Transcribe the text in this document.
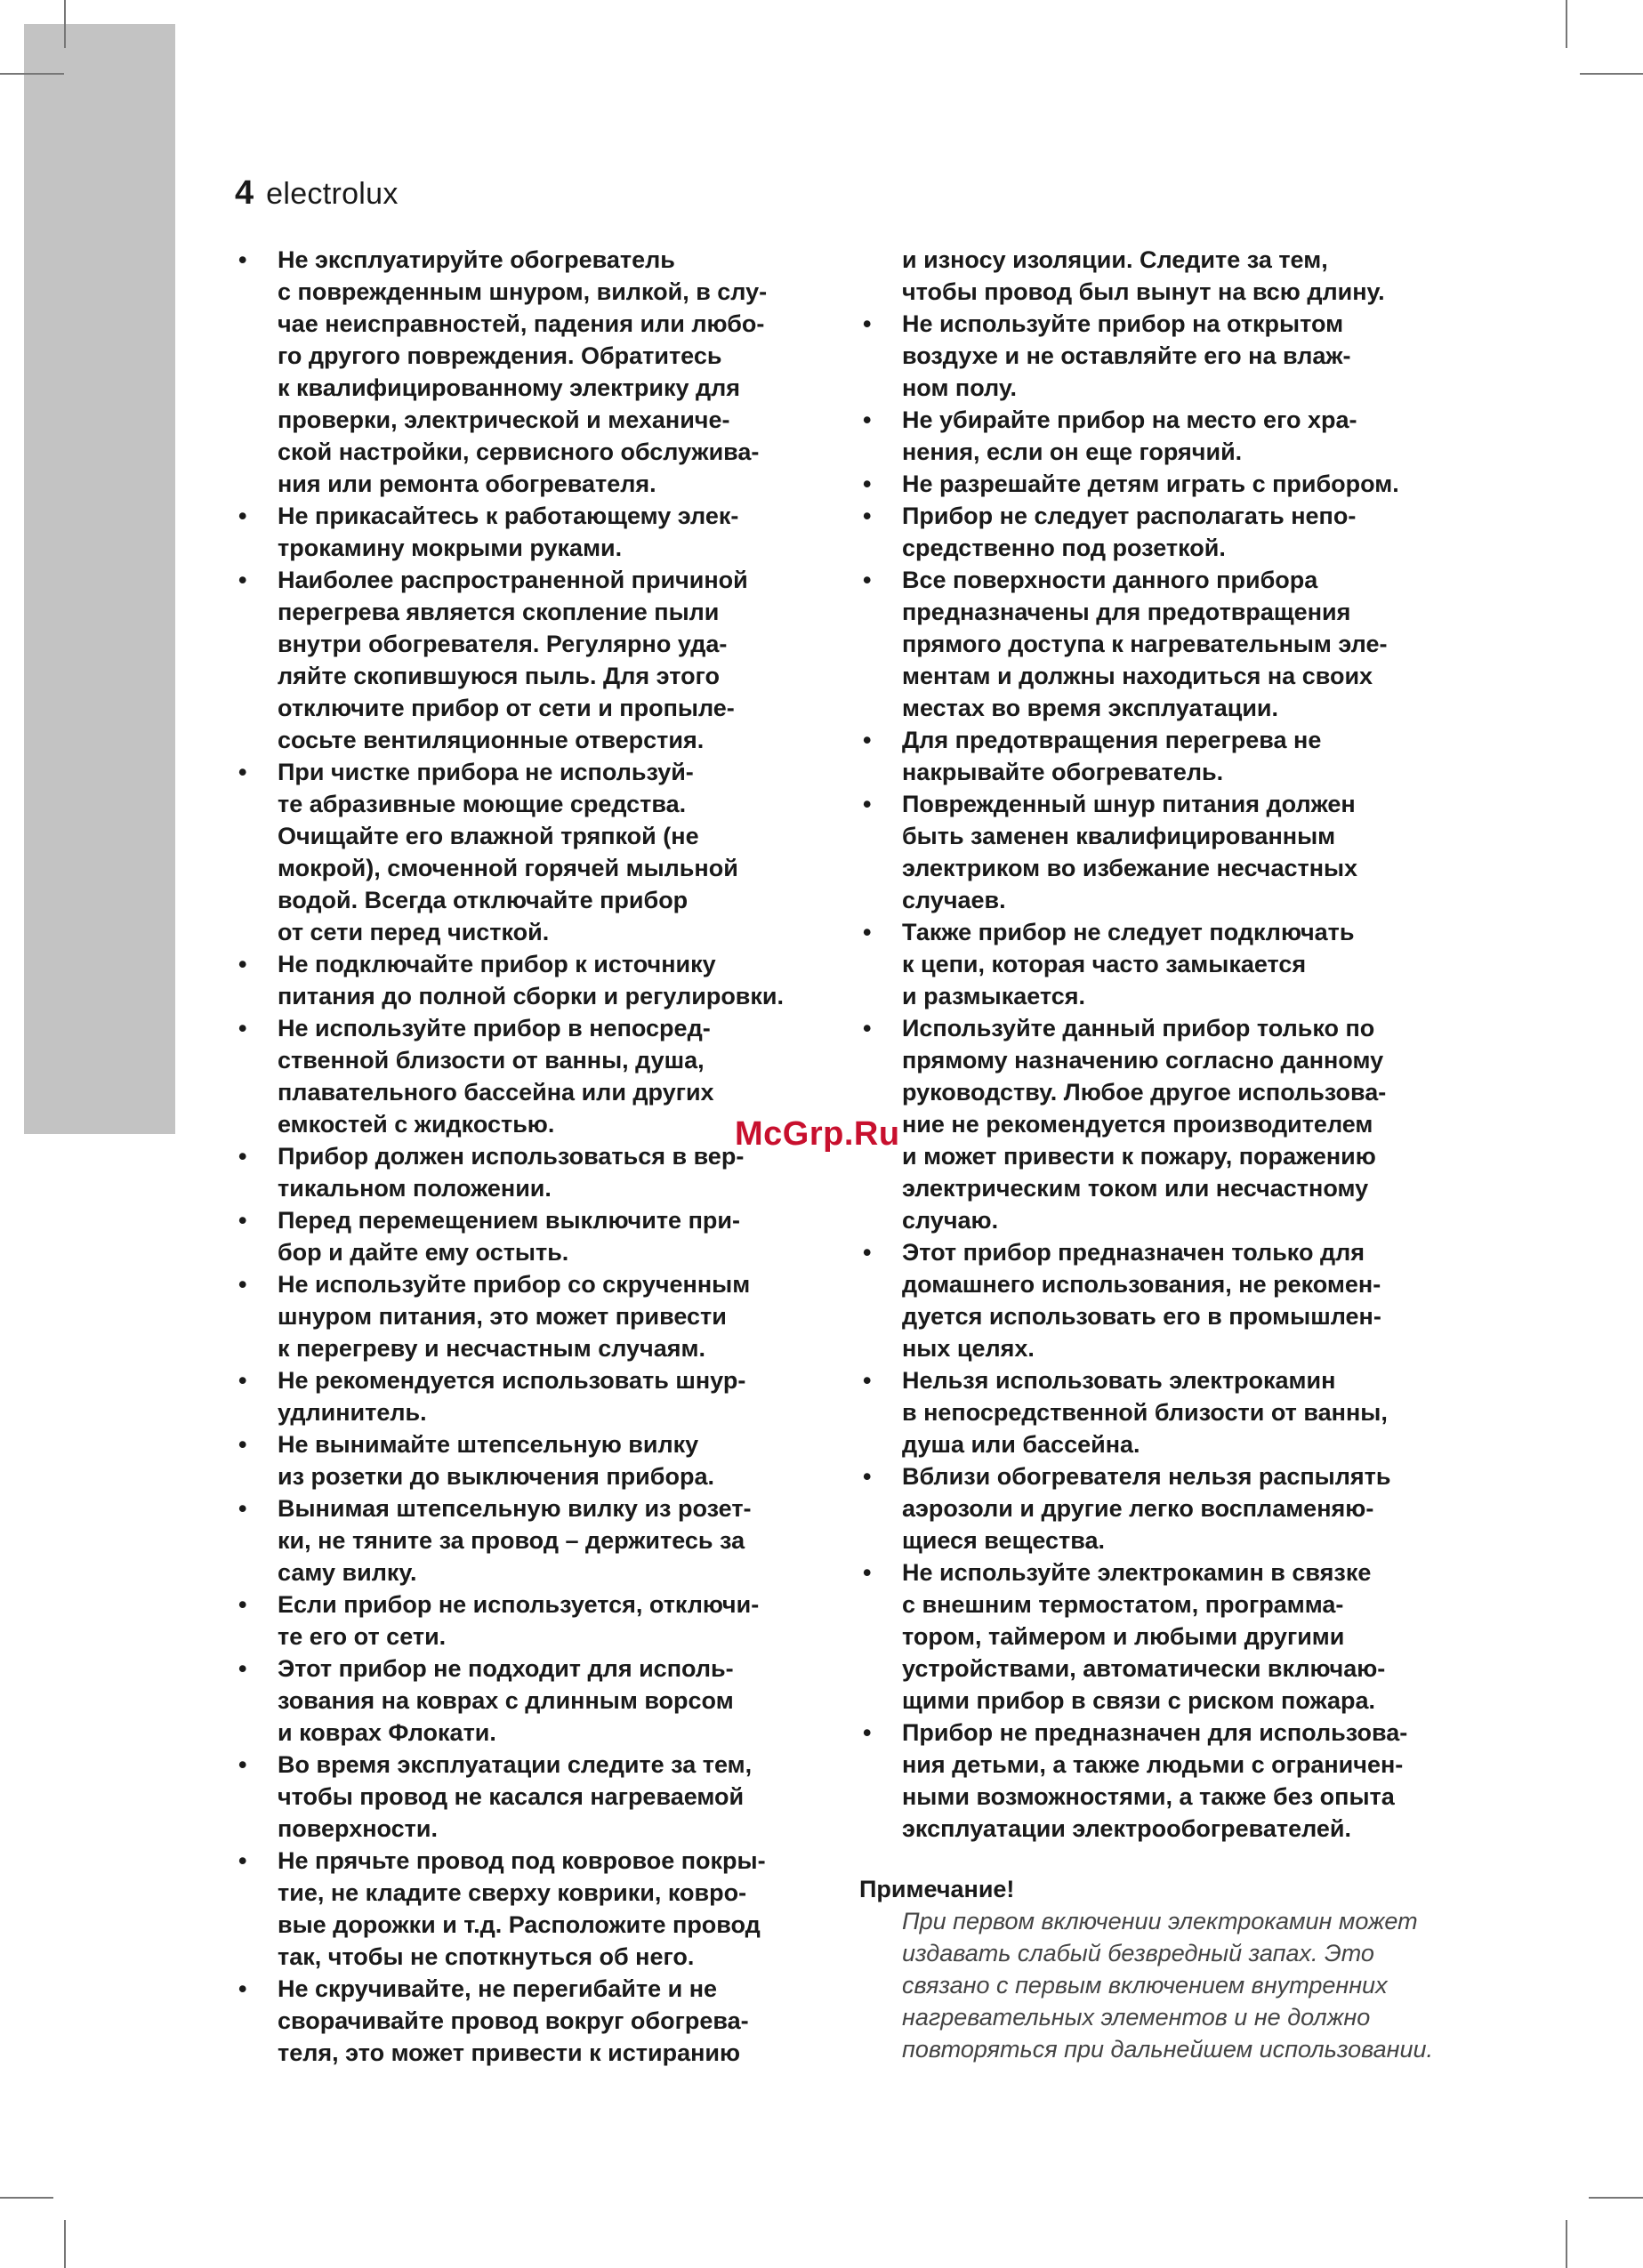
4 electrolux
• Не эксплуатируйте обогреватель
с поврежденным шнуром, вилкой, в слу-
чае неисправностей, падения или любо-
го другого повреждения. Обратитесь
к квалифицированному электрику для
проверки, электрической и механиче-
ской настройки, сервисного обслужива-
ния или ремонта обогревателя.
• Не прикасайтесь к работающему элек-
трокамину мокрыми руками.
• Наиболее распространенной причиной
перегрева является скопление пыли
внутри обогревателя. Регулярно уда-
ляйте скопившуюся пыль. Для этого
отключите прибор от сети и пропыле-
сосьте вентиляционные отверстия.
• При чистке прибора не используй-
те абразивные моющие средства.
Очищайте его влажной тряпкой (не
мокрой), смоченной горячей мыльной
водой. Всегда отключайте прибор
от сети перед чисткой.
• Не подключайте прибор к источнику
питания до полной сборки и регулировки.
• Не используйте прибор в непосред-
ственной близости от ванны, душа,
плавательного бассейна или других
емкостей с жидкостью.
• Прибор должен использоваться в вер-
тикальном положении.
• Перед перемещением выключите при-
бор и дайте ему остыть.
• Не используйте прибор со скрученным
шнуром питания, это может привести
к перегреву и несчастным случаям.
• Не рекомендуется использовать шнур-
удлинитель.
• Не вынимайте штепсельную вилку
из розетки до выключения прибора.
• Вынимая штепсельную вилку из розет-
ки, не тяните за провод – держитесь за
саму вилку.
• Если прибор не используется, отключи-
те его от сети.
• Этот прибор не подходит для исполь-
зования на коврах с длинным ворсом
и коврах Флокати.
• Во время эксплуатации следите за тем,
чтобы провод не касался нагреваемой
поверхности.
• Не прячьте провод под ковровое покры-
тие, не кладите сверху коврики, ковро-
вые дорожки и т.д. Расположите провод
так, чтобы не споткнуться об него.
• Не скручивайте, не перегибайте и не
сворачивайте провод вокруг обогрева-
теля, это может привести к истиранию
и износу изоляции. Следите за тем,
чтобы провод был вынут на всю длину.
• Не используйте прибор на открытом
воздухе и не оставляйте его на влаж-
ном полу.
• Не убирайте прибор на место его хра-
нения, если он еще горячий.
• Не разрешайте детям играть с прибором.
• Прибор не следует располагать непо-
средственно под розеткой.
• Все поверхности данного прибора
предназначены для предотвращения
прямого доступа к нагревательным эле-
ментам и должны находиться на своих
местах во время эксплуатации.
• Для предотвращения перегрева не
накрывайте обогреватель.
• Поврежденный шнур питания должен
быть заменен квалифицированным
электриком во избежание несчастных
случаев.
• Также прибор не следует подключать
к цепи, которая часто замыкается
и размыкается.
• Используйте данный прибор только по
прямому назначению согласно данному
руководству. Любое другое использова-
ние не рекомендуется производителем
и может привести к пожару, поражению
электрическим током или несчастному
случаю.
• Этот прибор предназначен только для
домашнего использования, не рекомен-
дуется использовать его в промышлен-
ных целях.
• Нельзя использовать электрокамин
в непосредственной близости от ванны,
душа или бассейна.
• Вблизи обогревателя нельзя распылять
аэрозоли и другие легко воспламеняю-
щиеся вещества.
• Не используйте электрокамин в связке
с внешним термостатом, программа-
тором, таймером и любыми другими
устройствами, автоматически включаю-
щими прибор в связи с риском пожара.
• Прибор не предназначен для использова-
ния детьми, а также людьми с ограничен-
ными возможностями, а также без опыта
эксплуатации электрообогревателей.
Примечание!
При первом включении электрокамин может
издавать слабый безвредный запах. Это
связано с первым включением внутренних
нагревательных элементов и не должно
повторяться при дальнейшем использовании.
McGrp.Ru
